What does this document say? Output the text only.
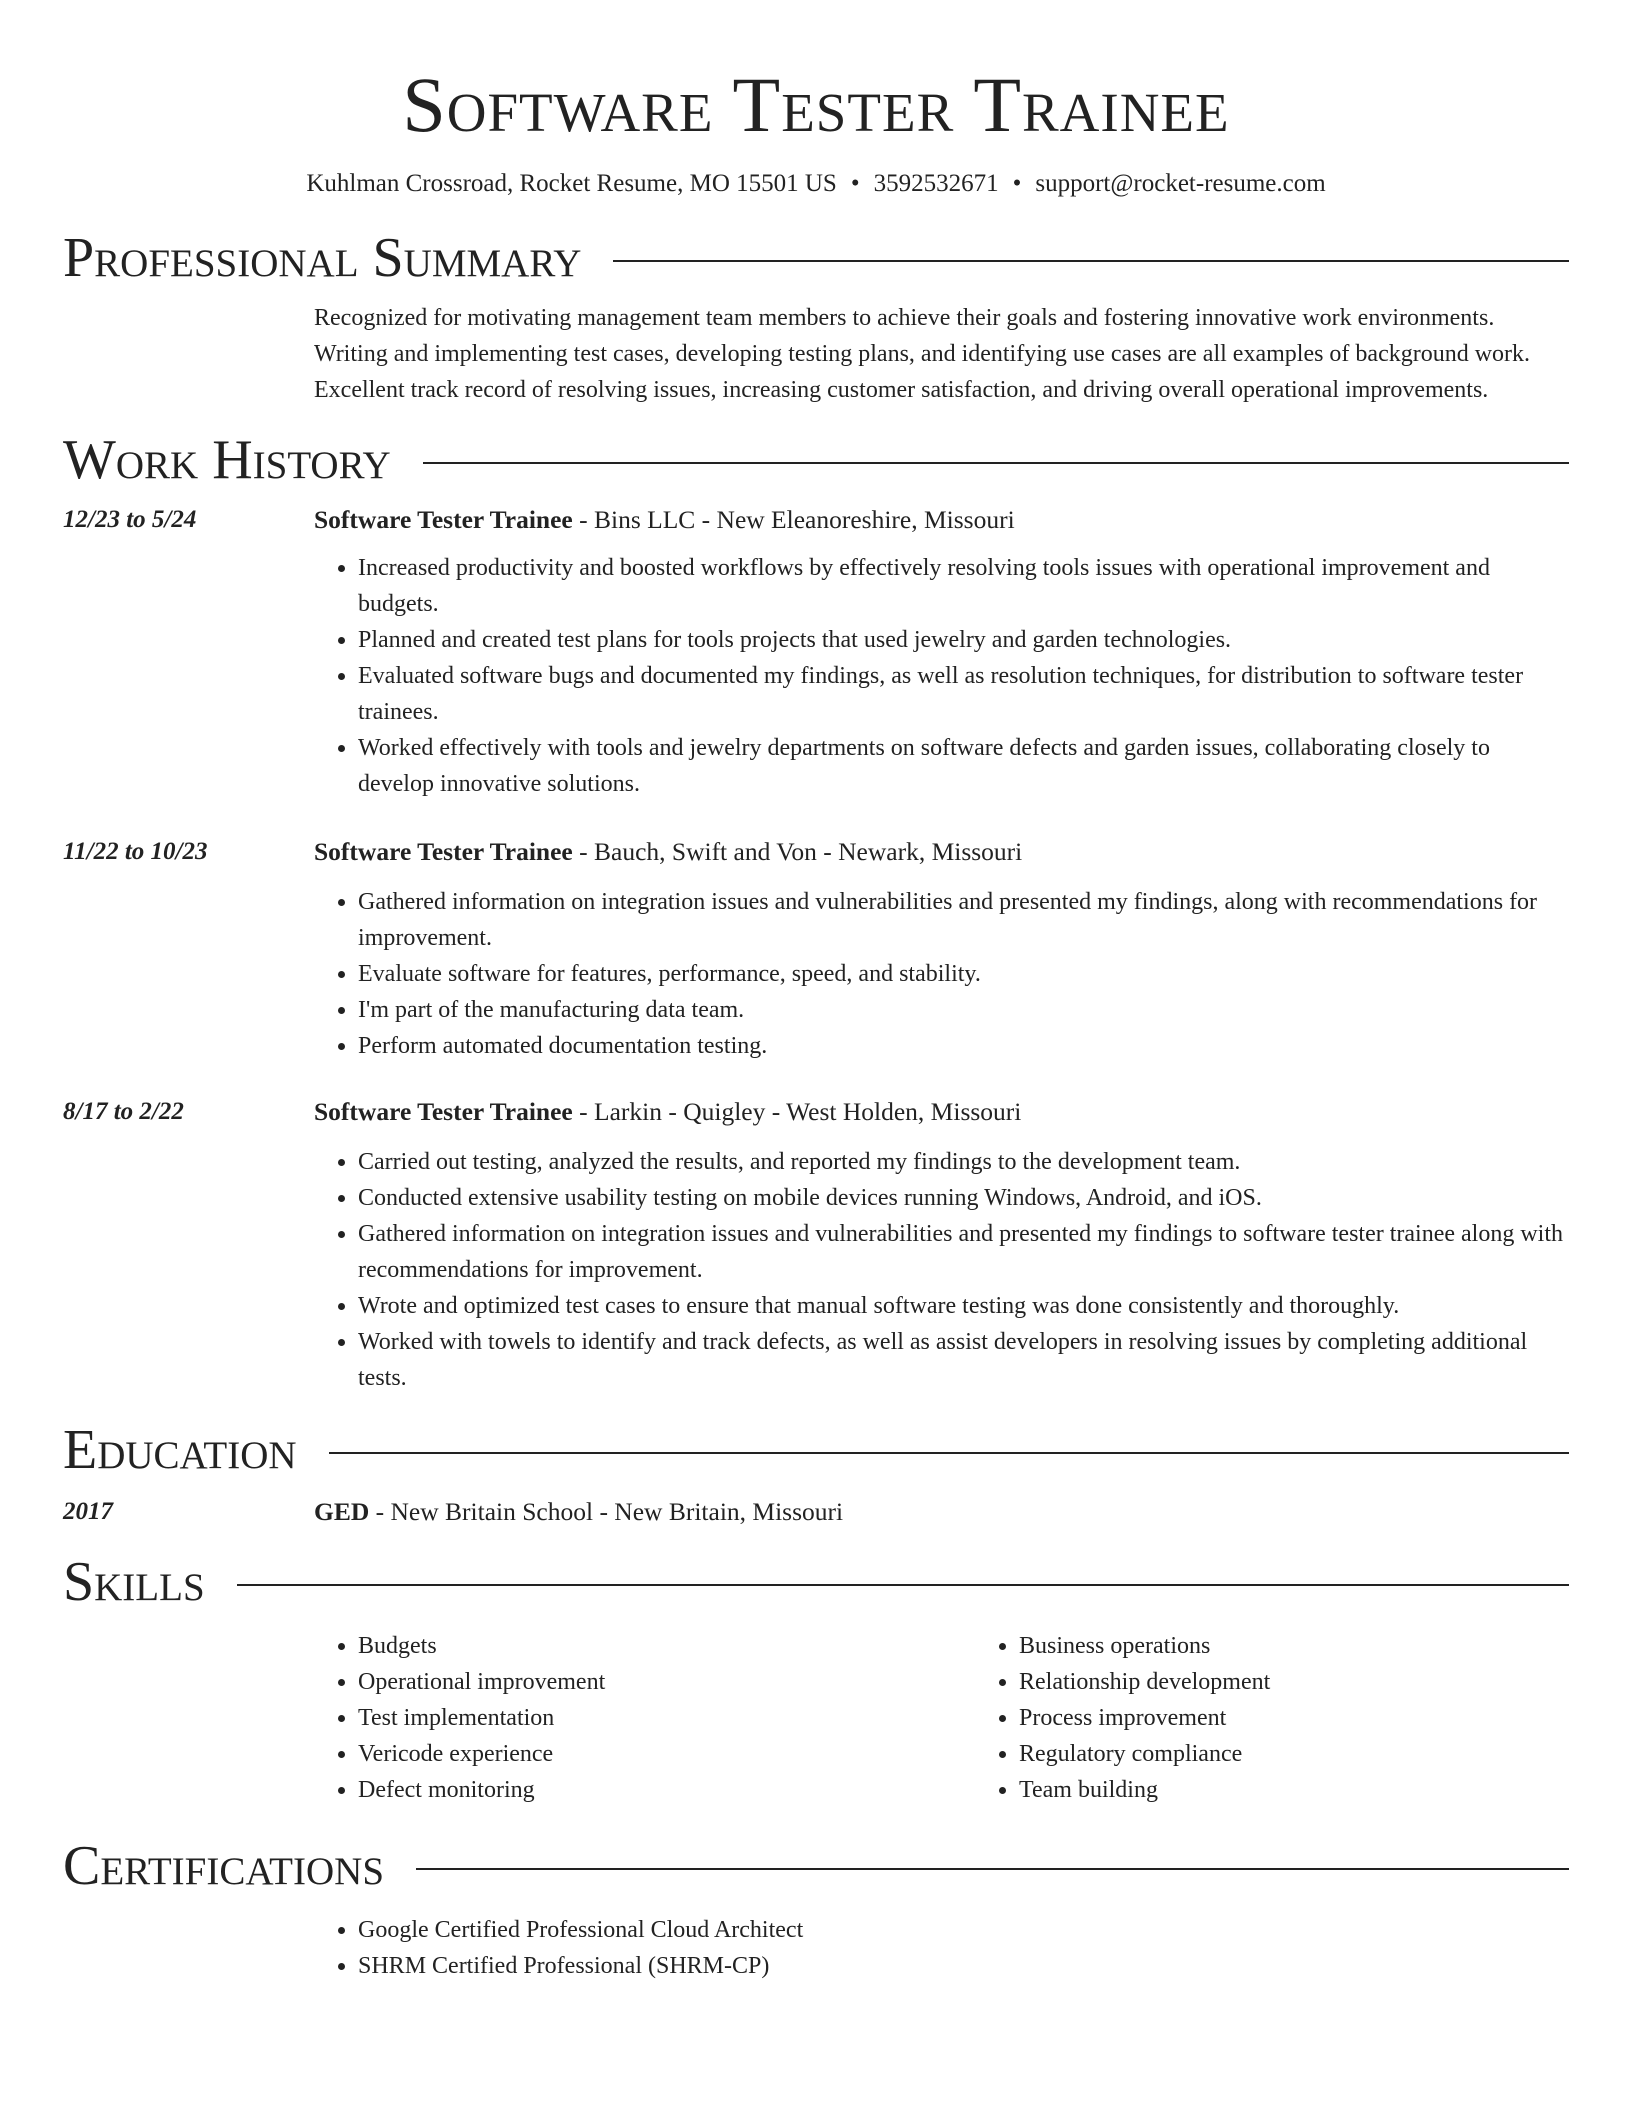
Software Tester Trainee
Kuhlman Crossroad, Rocket Resume, MO 15501 US • 3592532671 • support@rocket-resume.com
Professional Summary
Recognized for motivating management team members to achieve their goals and fostering innovative work environments. Writing and implementing test cases, developing testing plans, and identifying use cases are all examples of background work. Excellent track record of resolving issues, increasing customer satisfaction, and driving overall operational improvements.
Work History
12/23 to 5/24	Software Tester Trainee - Bins LLC - New Eleanoreshire, Missouri
• Increased productivity and boosted workflows by effectively resolving tools issues with operational improvement and budgets.
• Planned and created test plans for tools projects that used jewelry and garden technologies.
• Evaluated software bugs and documented my findings, as well as resolution techniques, for distribution to software tester trainees.
• Worked effectively with tools and jewelry departments on software defects and garden issues, collaborating closely to develop innovative solutions.
11/22 to 10/23	Software Tester Trainee - Bauch, Swift and Von - Newark, Missouri
• Gathered information on integration issues and vulnerabilities and presented my findings, along with recommendations for improvement.
• Evaluate software for features, performance, speed, and stability.
• I'm part of the manufacturing data team.
• Perform automated documentation testing.
8/17 to 2/22	Software Tester Trainee - Larkin - Quigley - West Holden, Missouri
• Carried out testing, analyzed the results, and reported my findings to the development team.
• Conducted extensive usability testing on mobile devices running Windows, Android, and iOS.
• Gathered information on integration issues and vulnerabilities and presented my findings to software tester trainee along with recommendations for improvement.
• Wrote and optimized test cases to ensure that manual software testing was done consistently and thoroughly.
• Worked with towels to identify and track defects, as well as assist developers in resolving issues by completing additional tests.
Education
2017	GED - New Britain School - New Britain, Missouri
Skills
• Budgets
• Operational improvement
• Test implementation
• Vericode experience
• Defect monitoring
• Business operations
• Relationship development
• Process improvement
• Regulatory compliance
• Team building
Certifications
• Google Certified Professional Cloud Architect
• SHRM Certified Professional (SHRM-CP)
